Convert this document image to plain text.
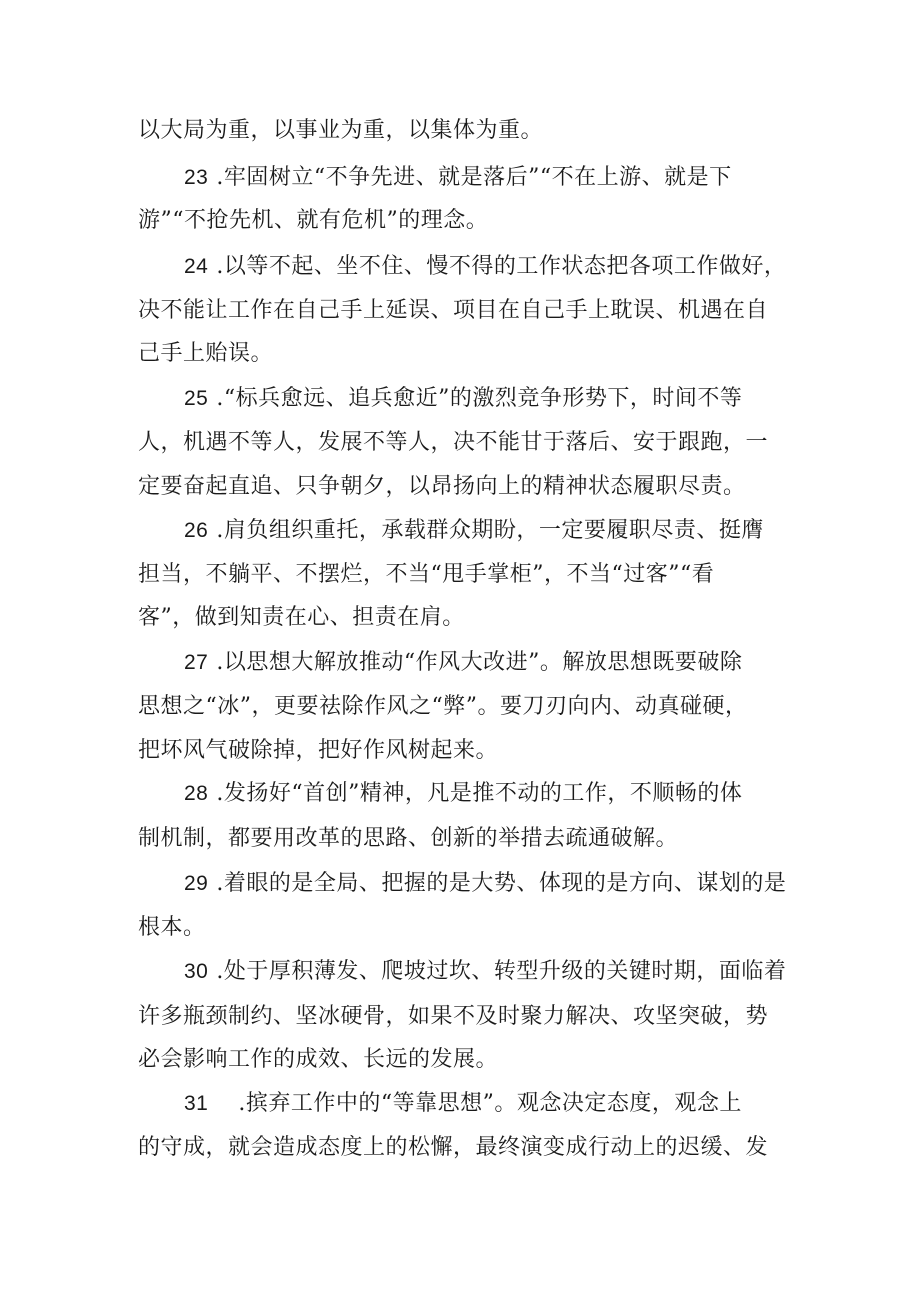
以大局为重，以事业为重，以集体为重。
23 .牢固树立“不争先进、就是落后”“不在上游、就是下
游”“不抢先机、就有危机”的理念。
24 .以等不起、坐不住、慢不得的工作状态把各项工作做好，
决不能让工作在自己手上延误、项目在自己手上耽误、机遇在自
己手上贻误。
25 .“标兵愈远、追兵愈近”的激烈竞争形势下，时间不等
人，机遇不等人，发展不等人，决不能甘于落后、安于跟跑，一
定要奋起直追、只争朝夕，以昂扬向上的精神状态履职尽责。
26 .肩负组织重托，承载群众期盼，一定要履职尽责、挺膺
担当，不躺平、不摆烂，不当“甩手掌柜”，不当“过客”“看
客”，做到知责在心、担责在肩。
27 .以思想大解放推动“作风大改进”。解放思想既要破除
思想之“冰”，更要祛除作风之“弊”。要刀刃向内、动真碰硬，
把坏风气破除掉，把好作风树起来。
28 .发扬好“首创”精神，凡是推不动的工作，不顺畅的体
制机制，都要用改革的思路、创新的举措去疏通破解。
29 .着眼的是全局、把握的是大势、体现的是方向、谋划的是
根本。
30 .处于厚积薄发、爬坡过坎、转型升级的关键时期，面临着
许多瓶颈制约、坚冰硬骨，如果不及时聚力解决、攻坚突破，势
必会影响工作的成效、长远的发展。
31 .摈弃工作中的“等靠思想”。观念决定态度，观念上
的守成，就会造成态度上的松懈，最终演变成行动上的迟缓、发
